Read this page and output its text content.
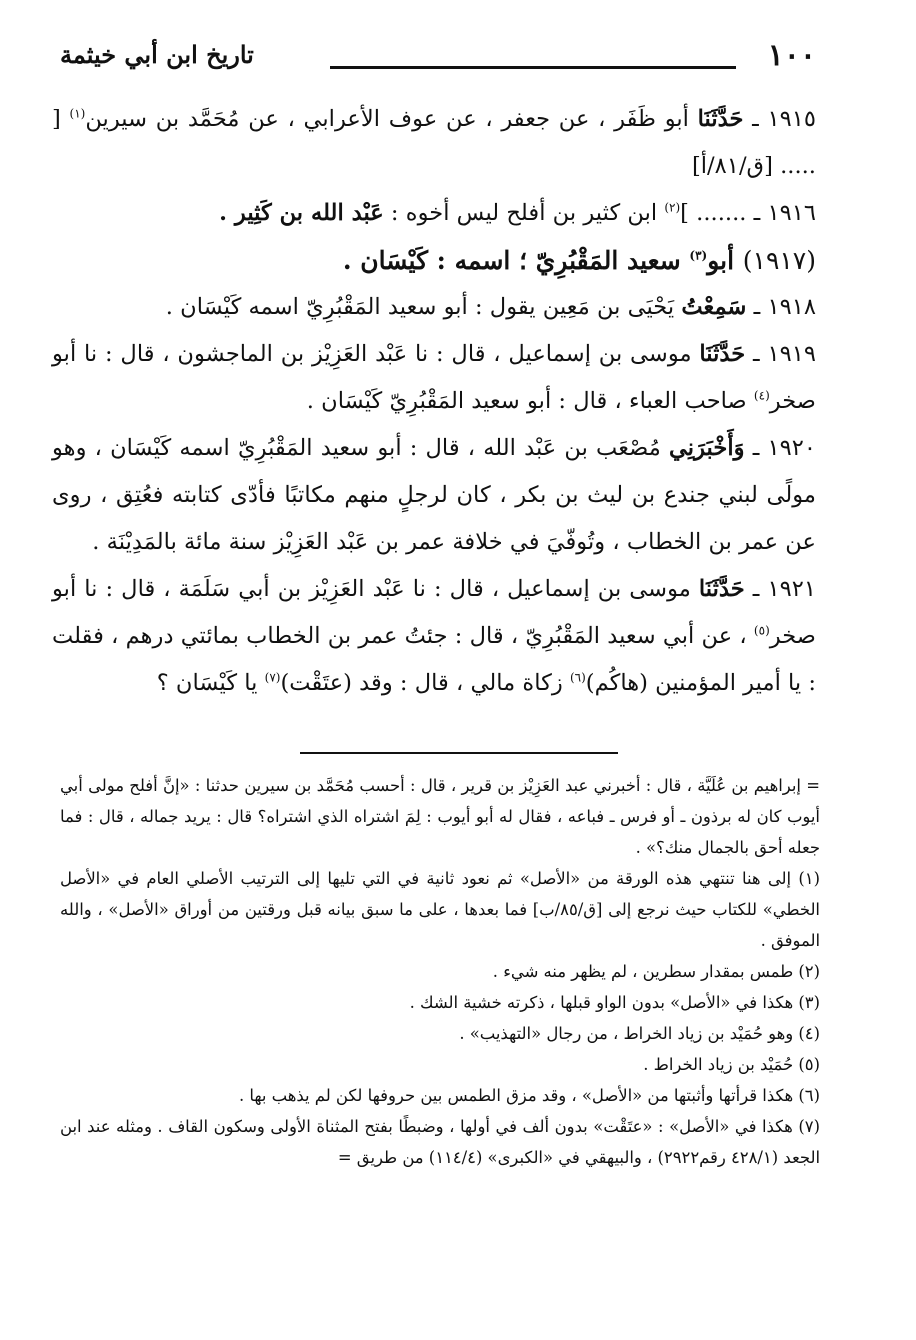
١٠٠
تاريخ ابن أبي خيثمة

١٩١٥ ـ حَدَّثَنَا أبو ظَفَر ، عن جعفر ، عن عوف الأعرابي ، عن مُحَمَّد بن سيرين$^{(١)}$ [ ..... [ق/٨١/أ]

١٩١٦ ـ ....... ]$^{(٢)}$ ابن كثير بن أفلح ليس أخوه : عَبْد الله بن كَثِير .

(١٩١٧) أبو$^{(٣)}$ سعيد المَقْبُرِيّ ؛ اسمه : كَيْسَان .

١٩١٨ ـ سَمِعْتُ يَحْيَى بن مَعِين يقول : أبو سعيد المَقْبُرِيّ اسمه كَيْسَان .

١٩١٩ ـ حَدَّثَنَا موسى بن إسماعيل ، قال : نا عَبْد العَزِيْز بن الماجشون ، قال : نا أبو صخر$^{(٤)}$ صاحب العباء ، قال : أبو سعيد المَقْبُرِيّ كَيْسَان .

١٩٢٠ ـ وَأَخْبَرَنِي مُصْعَب بن عَبْد الله ، قال : أبو سعيد المَقْبُرِيّ اسمه كَيْسَان ، وهو مولًى لبني جندع بن ليث بن بكر ، كان لرجلٍ منهم مكاتبًا فأدّى كتابته فعُتِق ، روى عن عمر بن الخطاب ، وتُوفّيَ في خلافة عمر بن عَبْد العَزِيْز سنة مائة بالمَدِيْنَة .

١٩٢١ ـ حَدَّثَنَا موسى بن إسماعيل ، قال : نا عَبْد العَزِيْز بن أبي سَلَمَة ، قال : نا أبو صخر$^{(٥)}$ ، عن أبي سعيد المَقْبُرِيّ ، قال : جئتُ عمر بن الخطاب بمائتي درهم ، فقلت : يا أمير المؤمنين (هاكُم)$^{(٦)}$ زكاة مالي ، قال : وقد (عتَقْت)$^{(٧)}$ يا كَيْسَان ؟

= إبراهيم بن عُلَيَّة ، قال : أخبرني عبد العَزِيْز بن قرير ، قال : أحسب مُحَمَّد بن سيرين حدثنا : «إنَّ أفلح مولى أبي أيوب كان له برذون ـ أو فرس ـ فباعه ، فقال له أبو أيوب : لِمَ اشتراه الذي اشتراه؟ قال : يريد جماله ، قال : فما جعله أحق بالجمال منك؟» .

(١) إلى هنا تنتهي هذه الورقة من «الأصل» ثم نعود ثانية في التي تليها إلى الترتيب الأصلي العام في «الأصل الخطي» للكتاب حيث نرجع إلى [ق/٨٥/ب] فما بعدها ، على ما سبق بيانه قبل ورقتين من أوراق «الأصل» ، والله الموفق .

(٢) طمس بمقدار سطرين ، لم يظهر منه شيء .

(٣) هكذا في «الأصل» بدون الواو قبلها ، ذكرته خشية الشك .

(٤) وهو حُمَيْد بن زياد الخراط ، من رجال «التهذيب» .

(٥) حُمَيْد بن زياد الخراط .

(٦) هكذا قرأتها وأثبتها من «الأصل» ، وقد مزق الطمس بين حروفها لكن لم يذهب بها .

(٧) هكذا في «الأصل» : «عتَقْت» بدون ألف في أولها ، وضبطًا بفتح المثناة الأولى وسكون القاف . ومثله عند ابن الجعد (٤٢٨/١ رقم٢٩٢٢) ، والبيهقي في «الكبرى» (١١٤/٤) من طريق =
